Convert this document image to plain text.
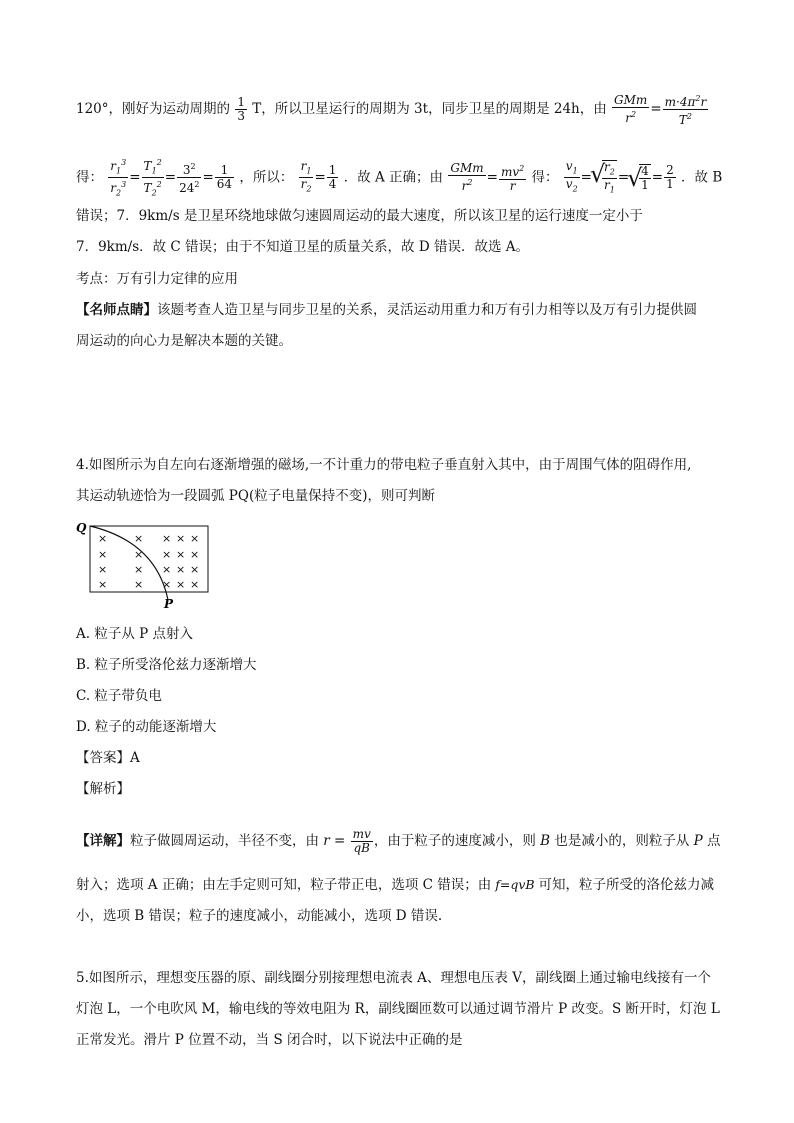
120°，刚好为运动周期的 $\frac{1}{3}$ T，所以卫星运行的周期为 3t，同步卫星的周期是 24h，由 $\frac{\text{GMm}}{r^2} = \frac{m\cdot 4\pi^2r}{T^2}$
得： $\frac{r_1^3}{r_2^3} = \frac{T_1^2}{T_2^2} = \frac{3^2}{24^2} = \frac{1}{64}$ ，所以： $\frac{r_1}{r_2} = \frac{1}{4}$ ．故 A 正确；由 $\frac{\text{GMm}}{r^2} = \frac{mv^2}{r}$ 得： $\frac{v_1}{v_2}$ = √ $\frac{r_2}{r_1}$ = √ $\frac{4}{1} = \frac{2}{1}$ ．故 B
错误；7．9km/s 是卫星环绕地球做匀速圆周运动的最大速度，所以该卫星的运行速度一定小于
7．9km/s．故 C 错误；由于不知道卫星的质量关系，故 D 错误．故选 A。
考点：万有引力定律的应用
【名师点睛】该题考查人造卫星与同步卫星的关系，灵活运动用重力和万有引力相等以及万有引力提供圆
周运动的向心力是解决本题的关键。
4.如图所示为自左向右逐渐增强的磁场,一不计重力的带电粒子垂直射入其中，由于周围气体的阻碍作用,
其运动轨迹恰为一段圆弧 PQ(粒子电量保持不变)，则可判断
Q
P
× × × × ×
× × × × ×
× × × × ×
× × × × ×
A. 粒子从 P 点射入
B. 粒子所受洛伦兹力逐渐增大
C. 粒子带负电
D. 粒子的动能逐渐增大
【答案】A
【解析】
【详解】粒子做圆周运动，半径不变，由 $r = \frac{mv}{qB}$ ，由于粒子的速度减小，则 B 也是减小的，则粒子从 P 点
射入；选项 A 正确；由左手定则可知，粒子带正电，选项 C 错误；由 f=qvB 可知，粒子所受的洛伦兹力减
小，选项 B 错误；粒子的速度减小，动能减小，选项 D 错误.
5.如图所示，理想变压器的原、副线圈分别接理想电流表 A、理想电压表 V，副线圈上通过输电线接有一个
灯泡 L，一个电吹风 M，输电线的等效电阻为 R，副线圈匝数可以通过调节滑片 P 改变。S 断开时，灯泡 L
正常发光。滑片 P 位置不动，当 S 闭合时，以下说法中正确的是
